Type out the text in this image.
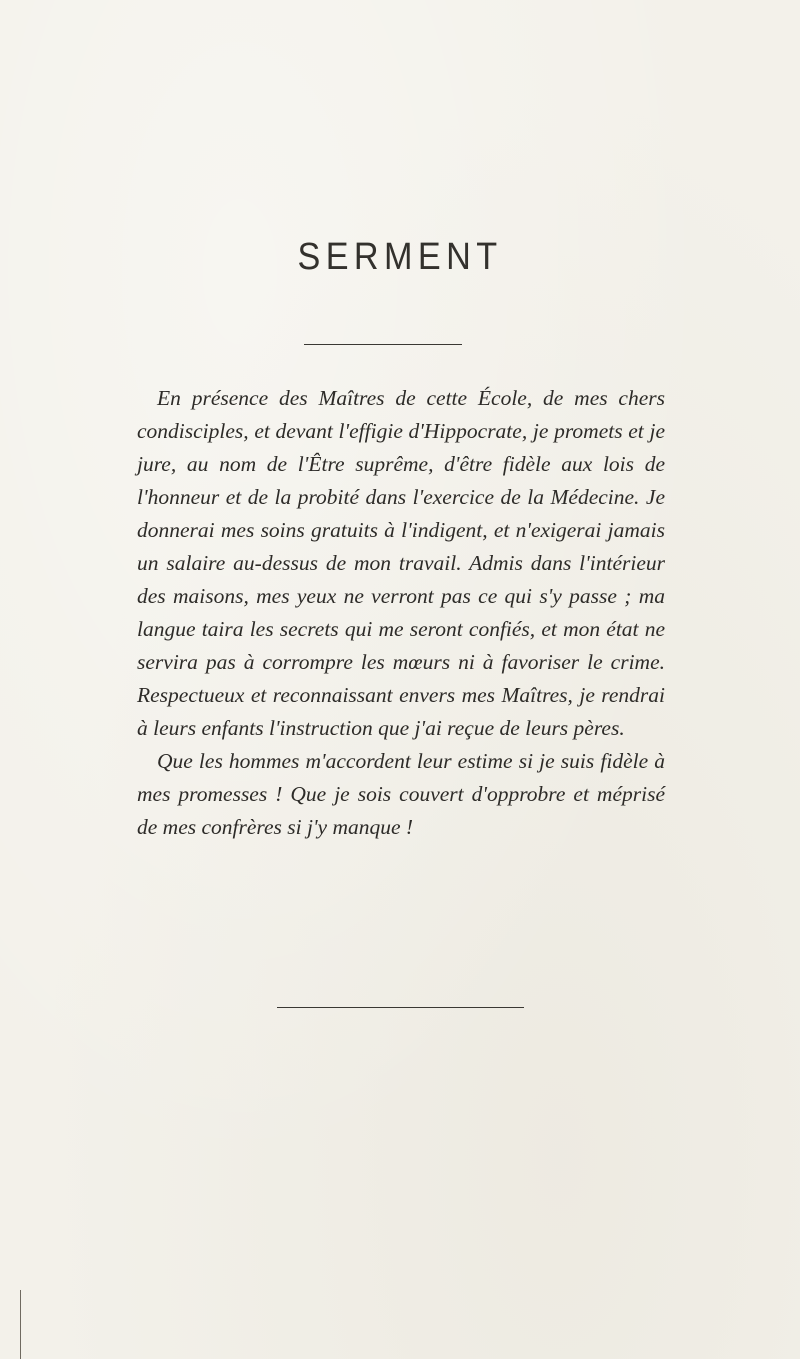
SERMENT

En présence des Maîtres de cette École, de mes chers condisciples, et devant l'effigie d'Hippocrate, je promets et je jure, au nom de l'Être suprême, d'être fidèle aux lois de l'honneur et de la probité dans l'exercice de la Médecine. Je donnerai mes soins gratuits à l'indigent, et n'exigerai jamais un salaire au-dessus de mon travail. Admis dans l'intérieur des maisons, mes yeux ne verront pas ce qui s'y passe ; ma langue taira les secrets qui me seront confiés, et mon état ne servira pas à corrompre les mœurs ni à favoriser le crime. Respectueux et reconnaissant envers mes Maîtres, je rendrai à leurs enfants l'instruction que j'ai reçue de leurs pères.

Que les hommes m'accordent leur estime si je suis fidèle à mes promesses ! Que je sois couvert d'opprobre et méprisé de mes confrères si j'y manque !
